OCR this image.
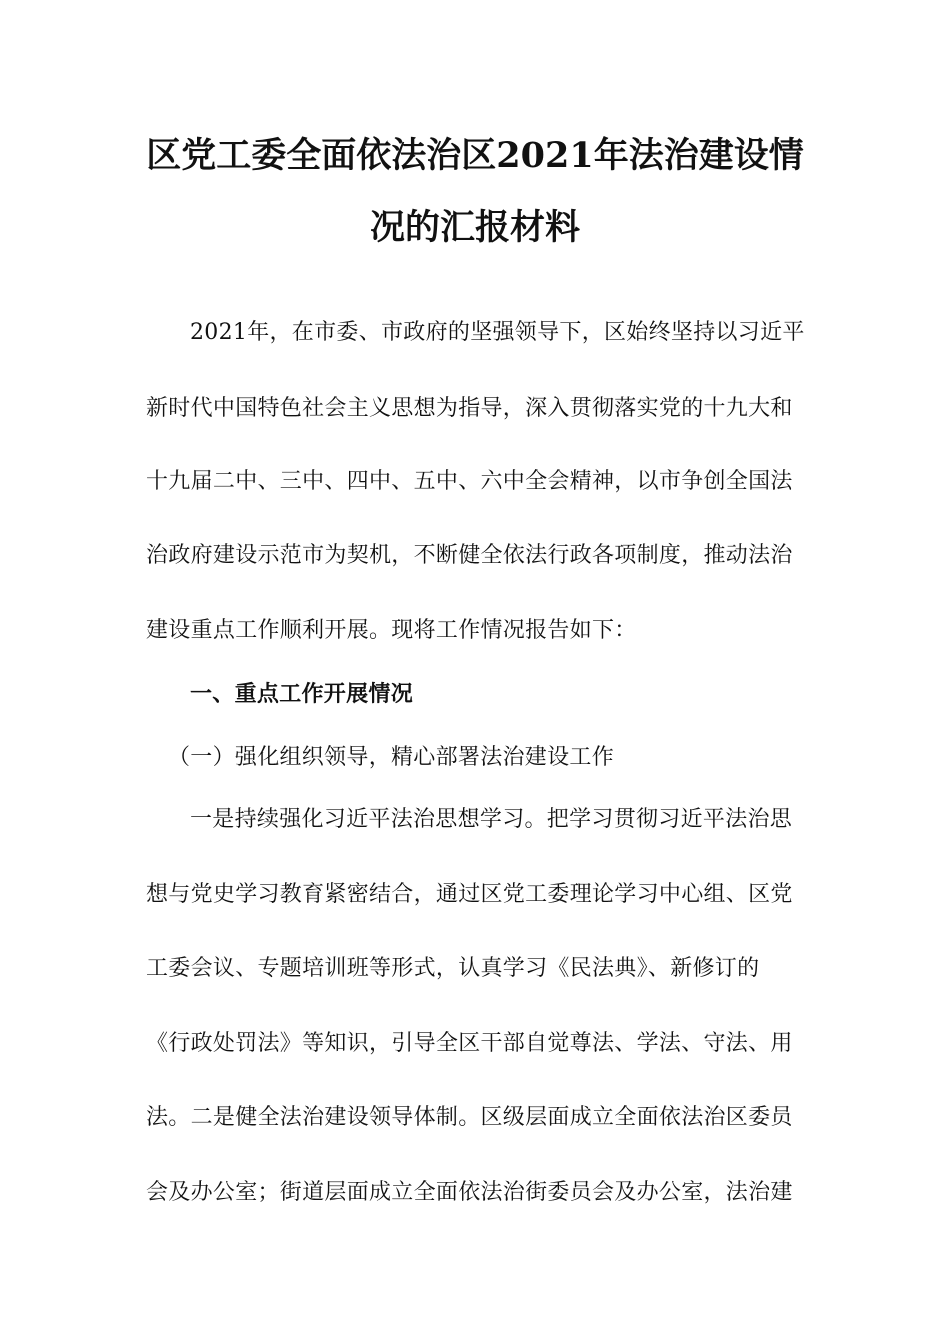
区党工委全面依法治区2021年法治建设情
况的汇报材料
2021年，在市委、市政府的坚强领导下，区始终坚持以习近平
新时代中国特色社会主义思想为指导，深入贯彻落实党的十九大和
十九届二中、三中、四中、五中、六中全会精神，以市争创全国法
治政府建设示范市为契机，不断健全依法行政各项制度，推动法治
建设重点工作顺利开展。现将工作情况报告如下：
一、重点工作开展情况
（一）强化组织领导，精心部署法治建设工作
一是持续强化习近平法治思想学习。把学习贯彻习近平法治思
想与党史学习教育紧密结合，通过区党工委理论学习中心组、区党
工委会议、专题培训班等形式，认真学习《民法典》、新修订的
《行政处罚法》等知识，引导全区干部自觉尊法、学法、守法、用
法。二是健全法治建设领导体制。区级层面成立全面依法治区委员
会及办公室；街道层面成立全面依法治街委员会及办公室，法治建
